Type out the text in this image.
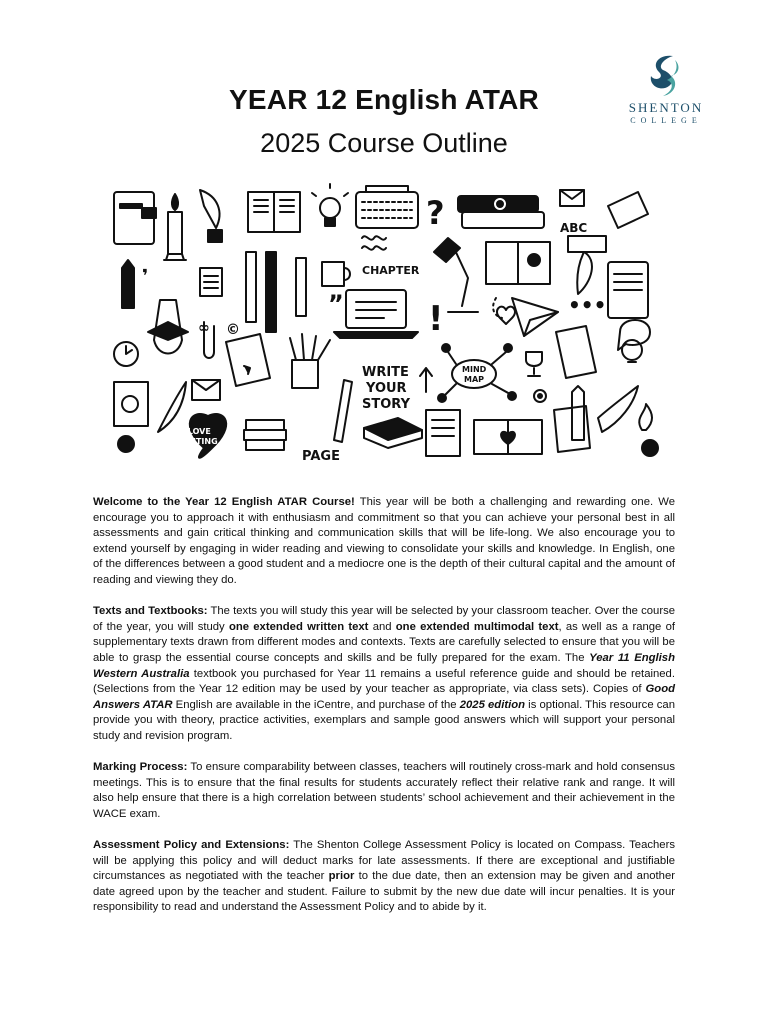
YEAR 12 English ATAR
2025 Course Outline
SHENTON
COLLEGE
?	ABC
❜	CHAPTER
∞
” !	•••
©
WRITE
YOUR
STORY
MIND
MAP
I LOVE
WRITING
PAGE

Welcome to the Year 12 English ATAR Course! This year will be both a challenging and rewarding one. We encourage you to approach it with enthusiasm and commitment so that you can achieve your personal best in all assessments and gain critical thinking and communication skills that will be life-long. We also encourage you to extend yourself by engaging in wider reading and viewing to consolidate your skills and knowledge. In English, one of the differences between a good student and a mediocre one is the depth of their cultural capital and the amount of reading and viewing they do.

Texts and Textbooks: The texts you will study this year will be selected by your classroom teacher. Over the course of the year, you will study one extended written text and one extended multimodal text, as well as a range of supplementary texts drawn from different modes and contexts. Texts are carefully selected to ensure that you will be able to grasp the essential course concepts and skills and be fully prepared for the exam. The Year 11 English Western Australia textbook you purchased for Year 11 remains a useful reference guide and should be retained. (Selections from the Year 12 edition may be used by your teacher as appropriate, via class sets). Copies of Good Answers ATAR English are available in the iCentre, and purchase of the 2025 edition is optional. This resource can provide you with theory, practice activities, exemplars and sample good answers which will support your personal study and revision program.

Marking Process: To ensure comparability between classes, teachers will routinely cross-mark and hold consensus meetings. This is to ensure that the final results for students accurately reflect their relative rank and range. It will also help ensure that there is a high correlation between students’ school achievement and their achievement in the WACE exam.

Assessment Policy and Extensions: The Shenton College Assessment Policy is located on Compass. Teachers will be applying this policy and will deduct marks for late assessments. If there are exceptional and justifiable circumstances as negotiated with the teacher prior to the due date, then an extension may be given and another date agreed upon by the teacher and student. Failure to submit by the new due date will incur penalties. It is your responsibility to read and understand the Assessment Policy and to abide by it.
